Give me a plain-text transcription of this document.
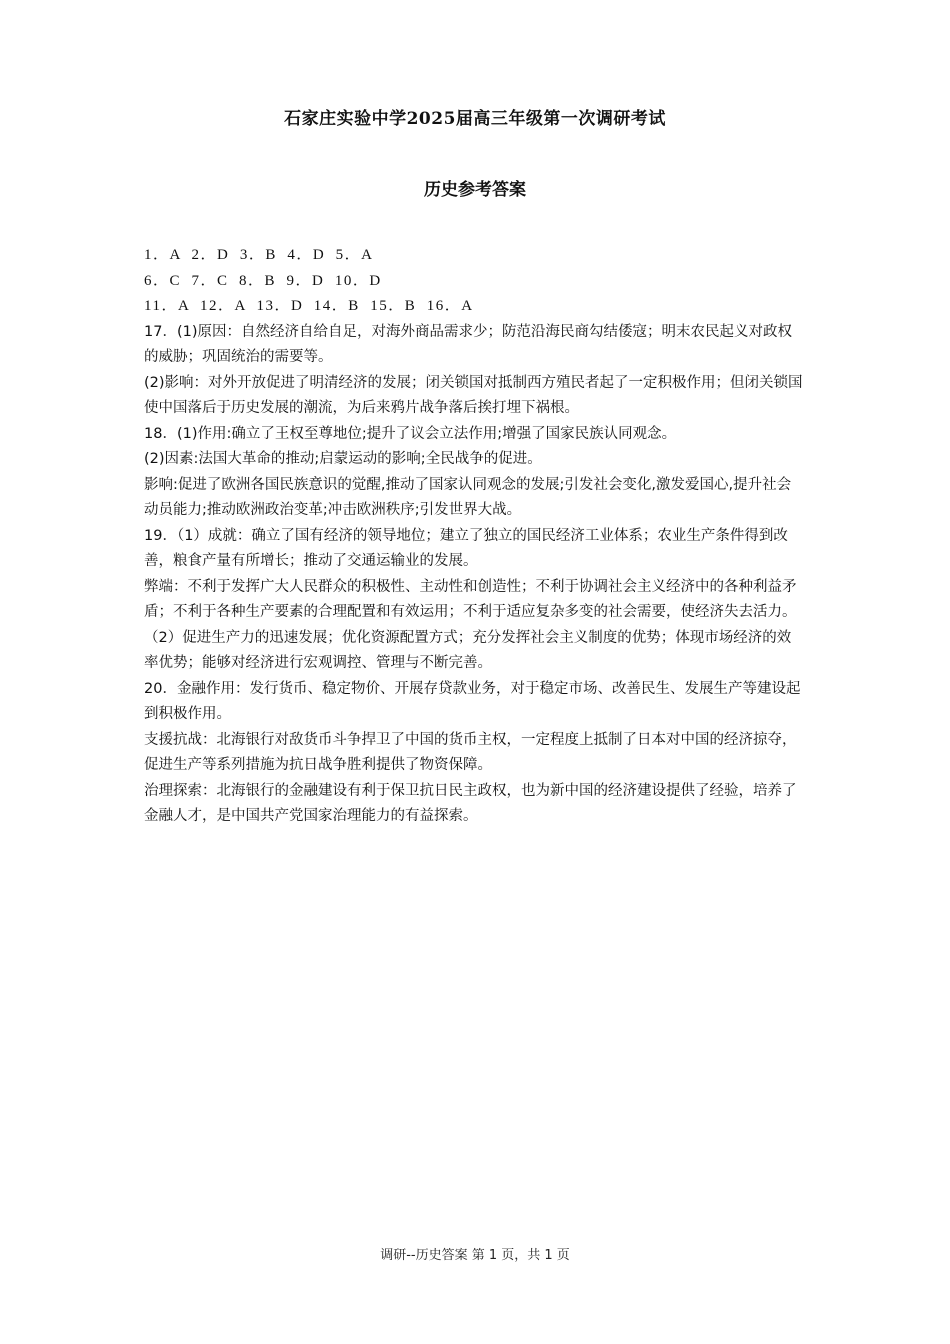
石家庄实验中学2025届高三年级第一次调研考试
历史参考答案

1．A  2．D  3．B  4．D  5．A

6．C  7．C  8．B  9．D  10．D

11．A  12．A  13．D  14．B  15．B  16．A

17．(1)原因：自然经济自给自足，对海外商品需求少；防范沿海民商勾结倭寇；明末农民起义对政权的威胁；巩固统治的需要等。

(2)影响：对外开放促进了明清经济的发展；闭关锁国对抵制西方殖民者起了一定积极作用；但闭关锁国使中国落后于历史发展的潮流，为后来鸦片战争落后挨打埋下祸根。

18．(1)作用:确立了王权至尊地位;提升了议会立法作用;增强了国家民族认同观念。

(2)因素:法国大革命的推动;启蒙运动的影响;全民战争的促进。

影响:促进了欧洲各国民族意识的觉醒,推动了国家认同观念的发展;引发社会变化,激发爱国心,提升社会动员能力;推动欧洲政治变革;冲击欧洲秩序;引发世界大战。

19．（1）成就：确立了国有经济的领导地位；建立了独立的国民经济工业体系；农业生产条件得到改善，粮食产量有所增长；推动了交通运输业的发展。

弊端：不利于发挥广大人民群众的积极性、主动性和创造性；不利于协调社会主义经济中的各种利益矛盾；不利于各种生产要素的合理配置和有效运用；不利于适应复杂多变的社会需要，使经济失去活力。

（2）促进生产力的迅速发展；优化资源配置方式；充分发挥社会主义制度的优势；体现市场经济的效率优势；能够对经济进行宏观调控、管理与不断完善。

20．金融作用：发行货币、稳定物价、开展存贷款业务，对于稳定市场、改善民生、发展生产等建设起到积极作用。

支援抗战：北海银行对敌货币斗争捍卫了中国的货币主权，一定程度上抵制了日本对中国的经济掠夺，促进生产等系列措施为抗日战争胜利提供了物资保障。

治理探索：北海银行的金融建设有利于保卫抗日民主政权，也为新中国的经济建设提供了经验，培养了金融人才，是中国共产党国家治理能力的有益探索。

调研--历史答案 第 1 页，共 1 页
